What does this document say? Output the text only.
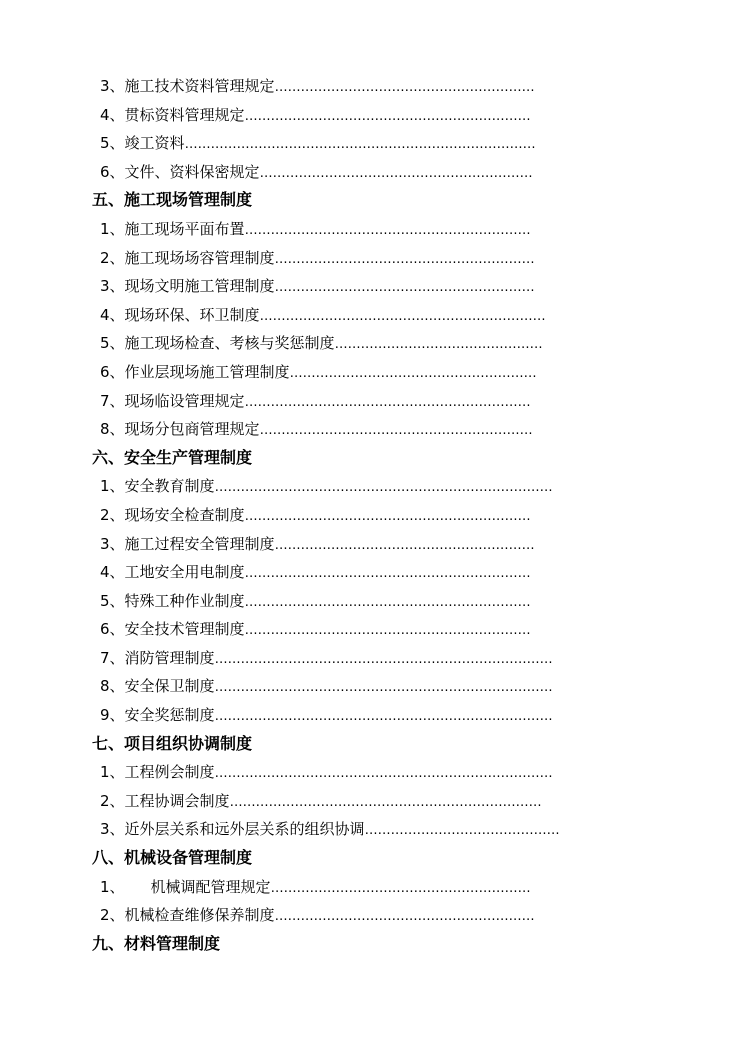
3、施工技术资料管理规定……………………………………………………
4、贯标资料管理规定…………………………………………………………
5、竣工资料………………………………………………………………………
6、文件、资料保密规定………………………………………………………
五、施工现场管理制度
1、施工现场平面布置…………………………………………………………
2、施工现场场容管理制度……………………………………………………
3、现场文明施工管理制度……………………………………………………
4、现场环保、环卫制度…………………………………………………………
5、施工现场检查、考核与奖惩制度…………………………………………
6、作业层现场施工管理制度…………………………………………………
7、现场临设管理规定…………………………………………………………
8、现场分包商管理规定………………………………………………………
六、安全生产管理制度
1、安全教育制度……………………………………………………………………
2、现场安全检查制度…………………………………………………………
3、施工过程安全管理制度……………………………………………………
4、工地安全用电制度…………………………………………………………
5、特殊工种作业制度…………………………………………………………
6、安全技术管理制度…………………………………………………………
7、消防管理制度……………………………………………………………………
8、安全保卫制度……………………………………………………………………
9、安全奖惩制度……………………………………………………………………
七、项目组织协调制度
1、工程例会制度……………………………………………………………………
2、工程协调会制度………………………………………………………………
3、近外层关系和远外层关系的组织协调………………………………………
八、机械设备管理制度
1、 机械调配管理规定……………………………………………………
2、机械检查维修保养制度……………………………………………………
九、材料管理制度
